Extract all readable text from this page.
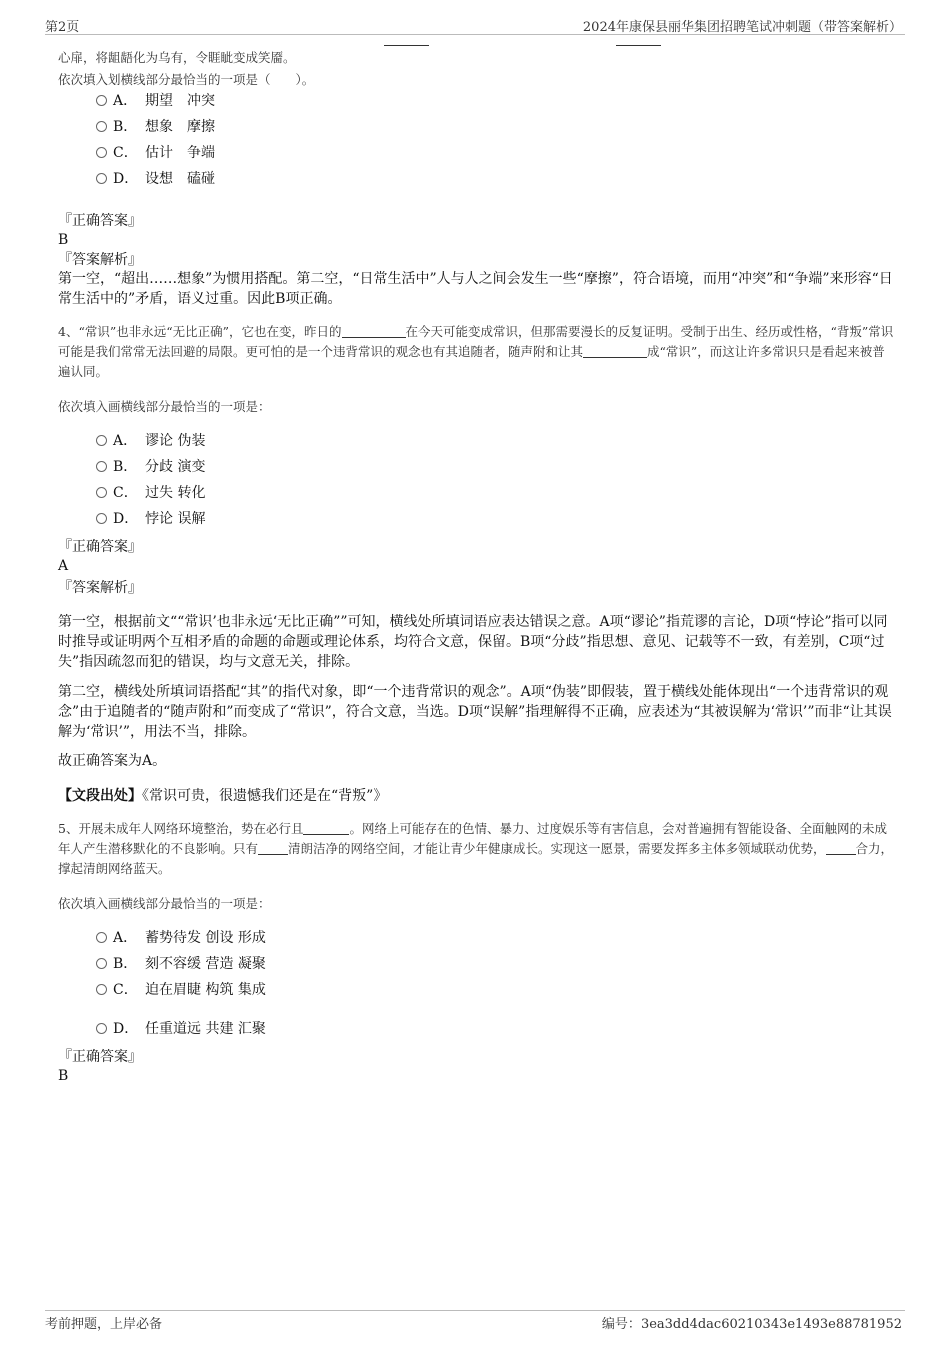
第2页	2024年康保县丽华集团招聘笔试冲刺题（带答案解析）
心扉，将龃龉化为乌有，令睚眦变成笑靥。
依次填入划横线部分最恰当的一项是（　　）。
A． 期望　冲突
B． 想象　摩擦
C． 估计　争端
D． 设想　磕碰
『正确答案』
B
『答案解析』
第一空，“超出……想象”为惯用搭配。第二空，“日常生活中”人与人之间会发生一些“摩擦”，符合语境，而用“冲突”和“争端”来形容“日常生活中的”矛盾，语义过重。因此B项正确。
4、“常识”也非永远“无比正确”，它也在变，昨日的	在今天可能变成常识，但那需要漫长的反复证明。受制于出生、经历或性格，“背叛”常识可能是我们常常无法回避的局限。更可怕的是一个违背常识的观念也有其追随者，随声附和让其	成“常识”，而这让许多常识只是看起来被普遍认同。
依次填入画横线部分最恰当的一项是：
A． 谬论 伪装
B． 分歧 演变
C． 过失 转化
D． 悖论 误解
『正确答案』
A
『答案解析』
第一空，根据前文““常识’也非永远‘无比正确””可知，横线处所填词语应表达错误之意。A项“谬论”指荒谬的言论，D项“悖论”指可以同时推导或证明两个互相矛盾的命题的命题或理论体系，均符合文意，保留。B项“分歧”指思想、意见、记载等不一致，有差别，C项“过失”指因疏忽而犯的错误，均与文意无关，排除。
第二空，横线处所填词语搭配“其”的指代对象，即“一个违背常识的观念”。A项“伪装”即假装，置于横线处能体现出“一个违背常识的观念”由于追随者的“随声附和”而变成了“常识”，符合文意，当选。D项“误解”指理解得不正确，应表述为“其被误解为‘常识’”而非“让其误解为‘常识’”，用法不当，排除。
故正确答案为A。
【文段出处】《常识可贵，很遗憾我们还是在“背叛”》
5、开展未成年人网络环境整治，势在必行且	。网络上可能存在的色情、暴力、过度娱乐等有害信息，会对普遍拥有智能设备、全面触网的未成年人产生潜移默化的不良影响。只有 清朗洁净的网络空间，才能让青少年健康成长。实现这一愿景，需要发挥多主体多领域联动优势， 合力，撑起清朗网络蓝天。
依次填入画横线部分最恰当的一项是：
A． 蓄势待发 创设 形成
B． 刻不容缓 营造 凝聚
C． 迫在眉睫 构筑 集成
D． 任重道远 共建 汇聚
『正确答案』
B
考前押题，上岸必备	编号：3ea3dd4dac60210343e1493e88781952
